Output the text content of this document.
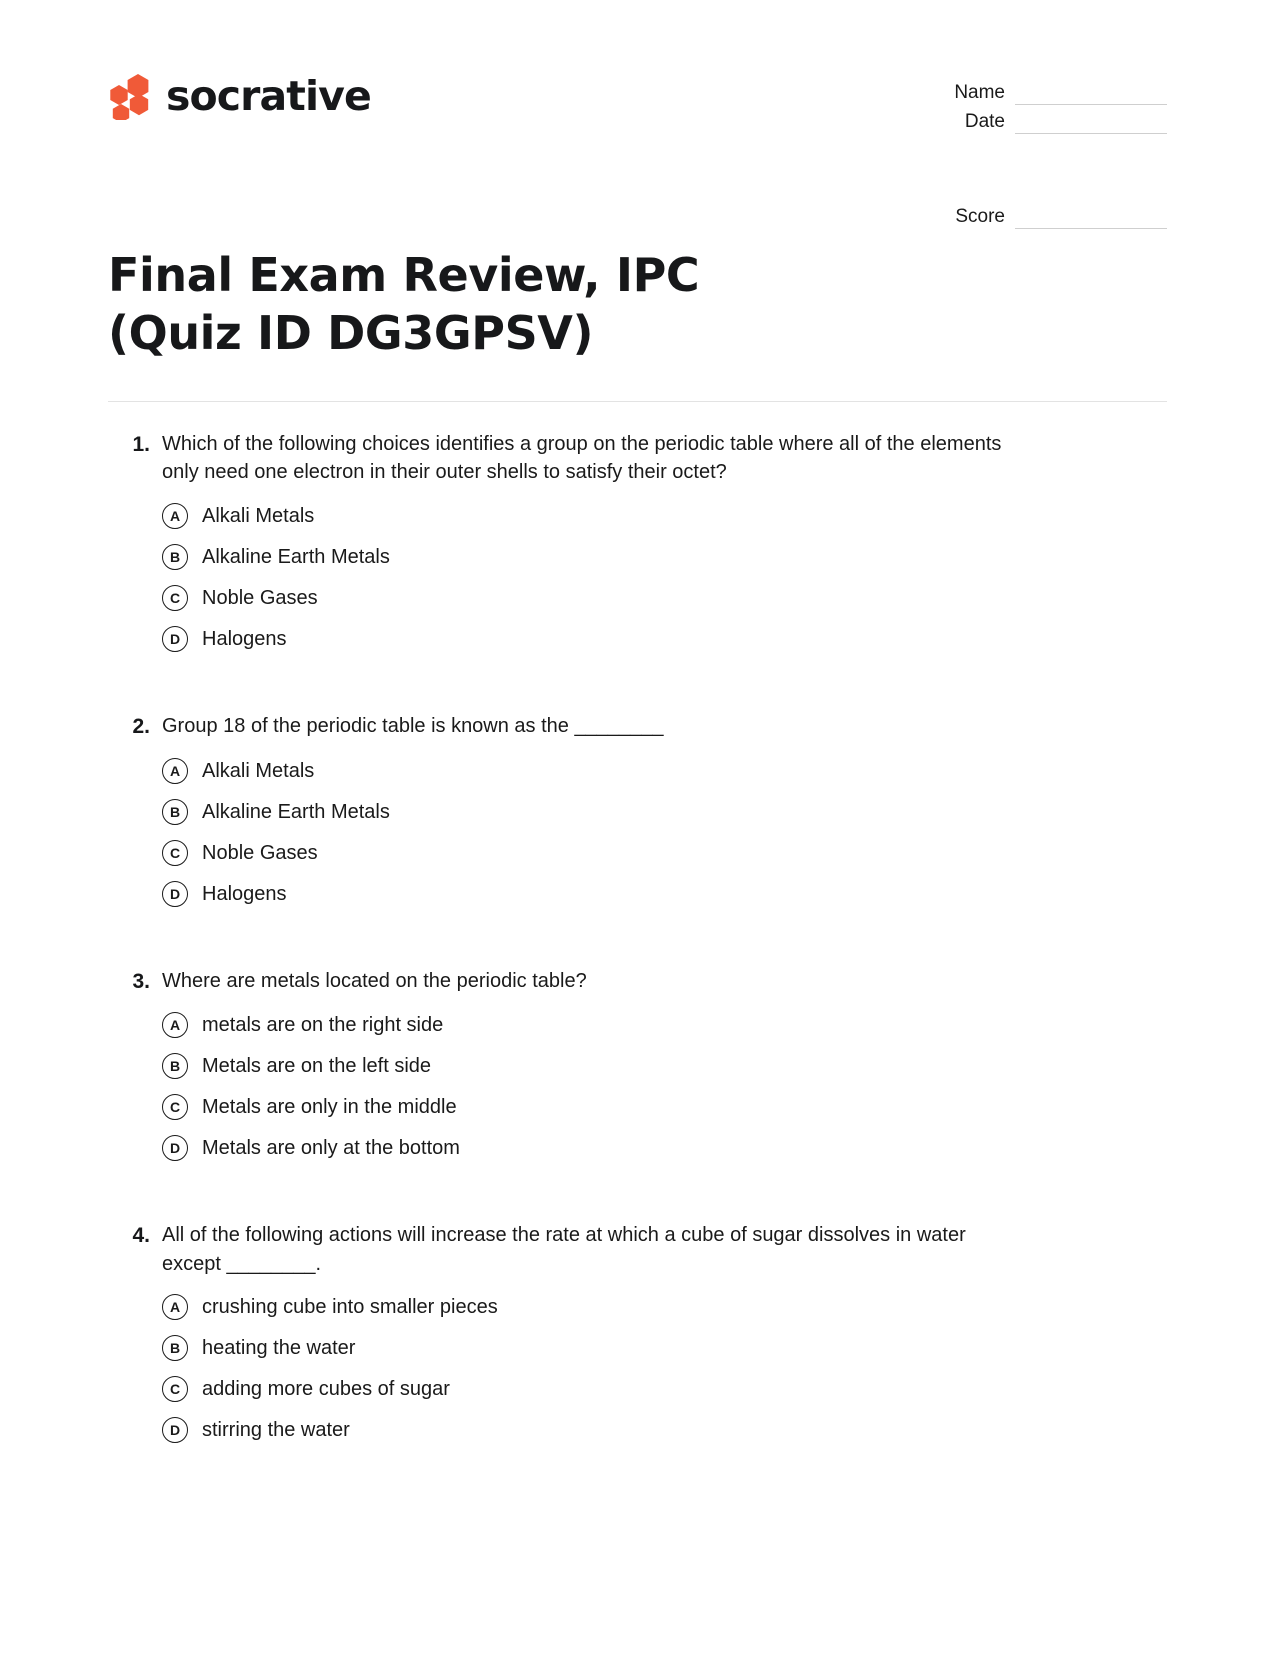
socrative	Name
Date
Score
Final Exam Review, IPC (Quiz ID DG3GPSV)
1. Which of the following choices identifies a group on the periodic table where all of the elements only need one electron in their outer shells to satisfy their octet?
A	Alkali Metals
B	Alkaline Earth Metals
C	Noble Gases
D	Halogens
2. Group 18 of the periodic table is known as the ________
A	Alkali Metals
B	Alkaline Earth Metals
C	Noble Gases
D	Halogens
3. Where are metals located on the periodic table?
A	metals are on the right side
B	Metals are on the left side
C	Metals are only in the middle
D	Metals are only at the bottom
4. All of the following actions will increase the rate at which a cube of sugar dissolves in water except ________.
A	crushing cube into smaller pieces
B	heating the water
C	adding more cubes of sugar
D	stirring the water
